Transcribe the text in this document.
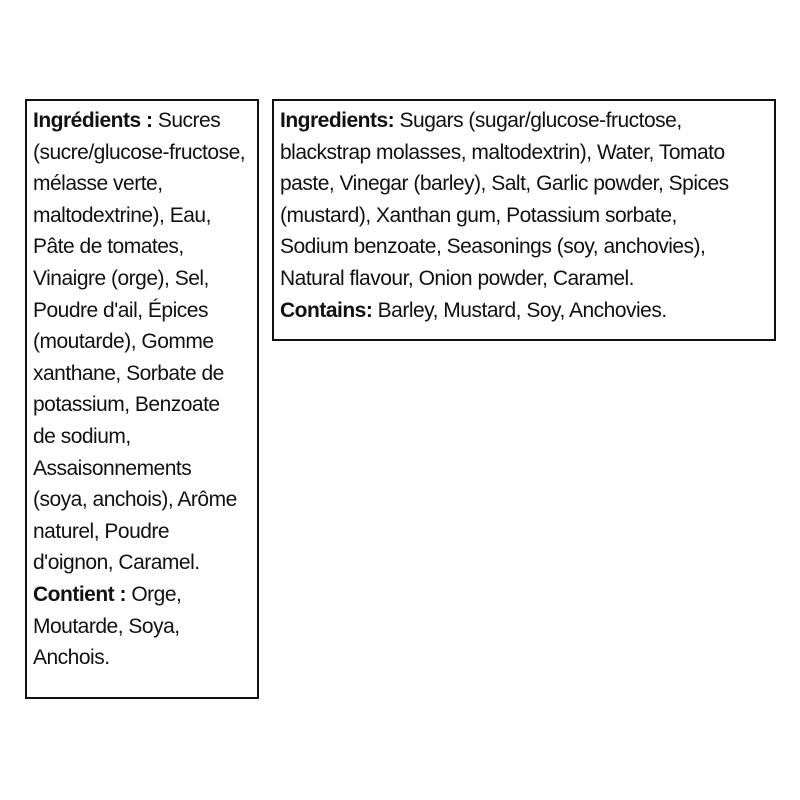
Ingrédients : Sucres

(sucre/glucose-fructose,

mélasse verte,

maltodextrine), Eau,

Pâte de tomates,

Vinaigre (orge), Sel,

Poudre d'ail, Épices

(moutarde), Gomme

xanthane, Sorbate de

potassium, Benzoate

de sodium,

Assaisonnements

(soya, anchois), Arôme

naturel, Poudre

d'oignon, Caramel.

Contient : Orge,

Moutarde, Soya,

Anchois.

Ingredients: Sugars (sugar/glucose-fructose,

blackstrap molasses, maltodextrin), Water, Tomato

paste, Vinegar (barley), Salt, Garlic powder, Spices

(mustard), Xanthan gum, Potassium sorbate,

Sodium benzoate, Seasonings (soy, anchovies),

Natural flavour, Onion powder, Caramel.

Contains: Barley, Mustard, Soy, Anchovies.
